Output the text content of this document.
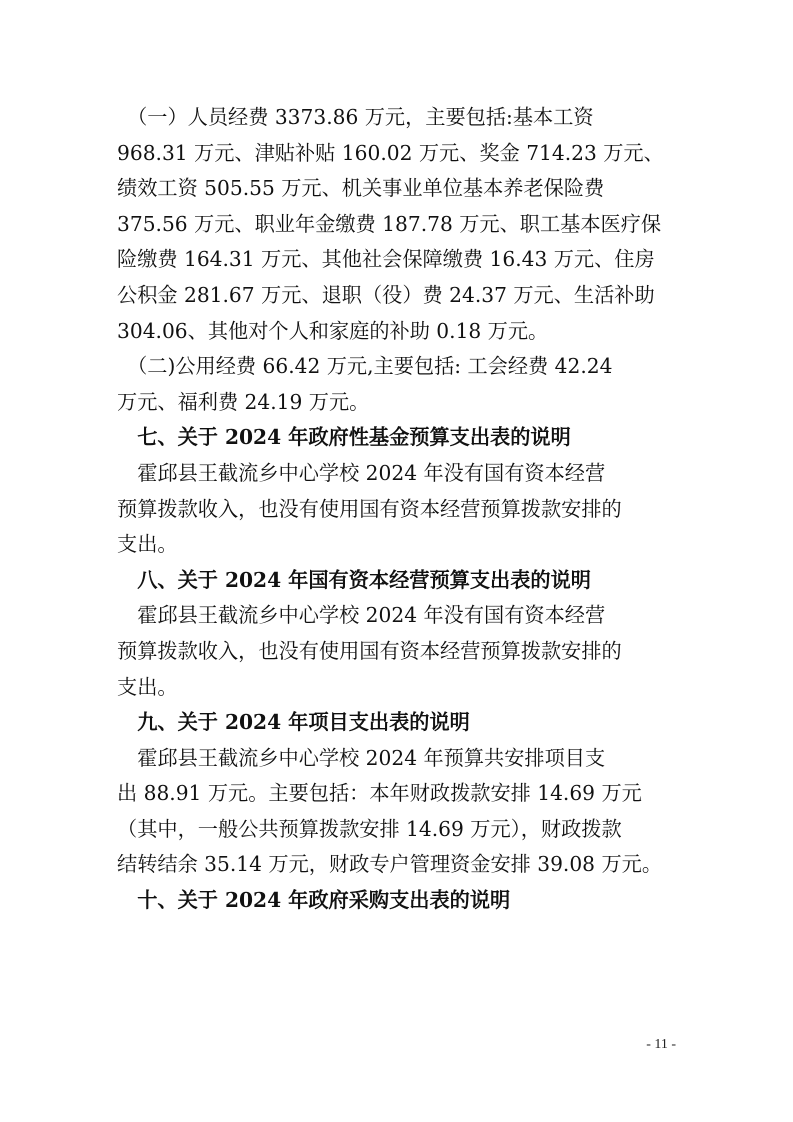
　（一）人员经费 3373.86 万元，主要包括:基本工资
968.31 万元、津贴补贴 160.02 万元、奖金 714.23 万元、
绩效工资 505.55 万元、机关事业单位基本养老保险费
375.56 万元、职业年金缴费 187.78 万元、职工基本医疗保
险缴费 164.31 万元、其他社会保障缴费 16.43 万元、住房
公积金 281.67 万元、退职（役）费 24.37 万元、生活补助
304.06、其他对个人和家庭的补助 0.18 万元。
　（二)公用经费 66.42 万元,主要包括: 工会经费 42.24
万元、福利费 24.19 万元。
　七、关于 2024 年政府性基金预算支出表的说明
　霍邱县王截流乡中心学校 2024 年没有国有资本经营
预算拨款收入，也没有使用国有资本经营预算拨款安排的
支出。
　八、关于 2024 年国有资本经营预算支出表的说明
　霍邱县王截流乡中心学校 2024 年没有国有资本经营
预算拨款收入，也没有使用国有资本经营预算拨款安排的
支出。
　九、关于 2024 年项目支出表的说明
　霍邱县王截流乡中心学校 2024 年预算共安排项目支
出 88.91 万元。主要包括：本年财政拨款安排 14.69 万元
（其中，一般公共预算拨款安排 14.69 万元），财政拨款
结转结余 35.14 万元，财政专户管理资金安排 39.08 万元。
　十、关于 2024 年政府采购支出表的说明
- 11 -
